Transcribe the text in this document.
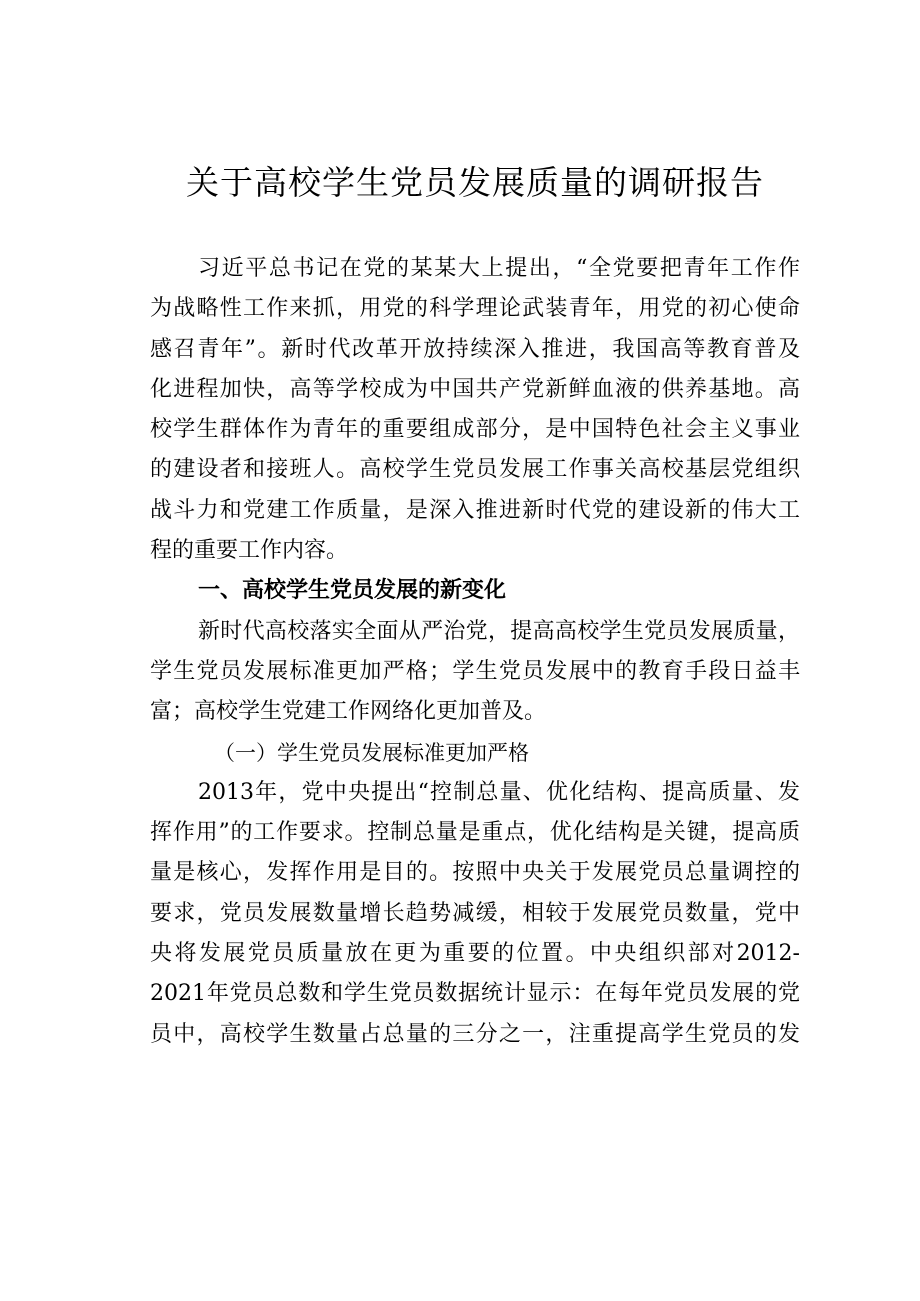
关于高校学生党员发展质量的调研报告
习近平总书记在党的某某大上提出，“全党要把青年工作作
为战略性工作来抓，用党的科学理论武装青年，用党的初心使命
感召青年”。新时代改革开放持续深入推进，我国高等教育普及
化进程加快，高等学校成为中国共产党新鲜血液的供养基地。高
校学生群体作为青年的重要组成部分，是中国特色社会主义事业
的建设者和接班人。高校学生党员发展工作事关高校基层党组织
战斗力和党建工作质量，是深入推进新时代党的建设新的伟大工
程的重要工作内容。
一、高校学生党员发展的新变化
新时代高校落实全面从严治党，提高高校学生党员发展质量，
学生党员发展标准更加严格；学生党员发展中的教育手段日益丰
富；高校学生党建工作网络化更加普及。
（一）学生党员发展标准更加严格
2013年，党中央提出“控制总量、优化结构、提高质量、发
挥作用”的工作要求。控制总量是重点，优化结构是关键，提高质
量是核心，发挥作用是目的。按照中央关于发展党员总量调控的
要求，党员发展数量增长趋势减缓，相较于发展党员数量，党中
央将发展党员质量放在更为重要的位置。中央组织部对2012-
2021年党员总数和学生党员数据统计显示：在每年党员发展的党
员中，高校学生数量占总量的三分之一，注重提高学生党员的发
